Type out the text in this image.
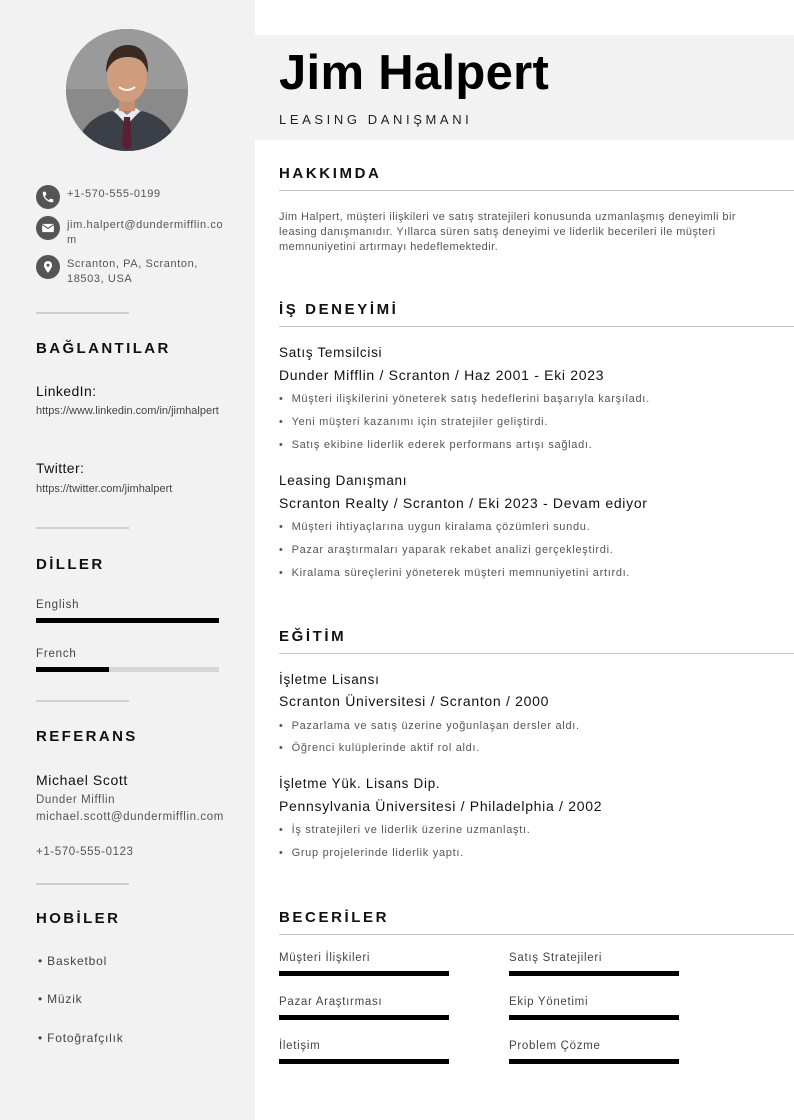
+1-570-555-0199
jim.halpert@dundermifflin.com
Scranton, PA, Scranton, 18503, USA
BAĞLANTILAR
LinkedIn:
https://www.linkedin.com/in/jimhalpert
Twitter:
https://twitter.com/jimhalpert
DİLLER
English
French
REFERANS
Michael Scott
Dunder Mifflin
michael.scott@dundermifflin.com
+1-570-555-0123
HOBİLER
• Basketbol
• Müzik
• Fotoğrafçılık
Jim Halpert
LEASING DANIŞMANI
HAKKIMDA
Jim Halpert, müşteri ilişkileri ve satış stratejileri konusunda uzmanlaşmış deneyimli bir leasing danışmanıdır. Yıllarca süren satış deneyimi ve liderlik becerileri ile müşteri memnuniyetini artırmayı hedeflemektedir.
İŞ DENEYİMİ
Satış Temsilcisi
Dunder Mifflin / Scranton / Haz 2001 - Eki 2023
• Müşteri ilişkilerini yöneterek satış hedeflerini başarıyla karşıladı.
• Yeni müşteri kazanımı için stratejiler geliştirdi.
• Satış ekibine liderlik ederek performans artışı sağladı.
Leasing Danışmanı
Scranton Realty / Scranton / Eki 2023 - Devam ediyor
• Müşteri ihtiyaçlarına uygun kiralama çözümleri sundu.
• Pazar araştırmaları yaparak rekabet analizi gerçekleştirdi.
• Kiralama süreçlerini yöneterek müşteri memnuniyetini artırdı.
EĞİTİM
İşletme Lisansı
Scranton Üniversitesi / Scranton / 2000
• Pazarlama ve satış üzerine yoğunlaşan dersler aldı.
• Öğrenci kulüplerinde aktif rol aldı.
İşletme Yük. Lisans Dip.
Pennsylvania Üniversitesi / Philadelphia / 2002
• İş stratejileri ve liderlik üzerine uzmanlaştı.
• Grup projelerinde liderlik yaptı.
BECERİLER
Müşteri İlişkileri	Satış Stratejileri
Pazar Araştırması	Ekip Yönetimi
İletişim	Problem Çözme
